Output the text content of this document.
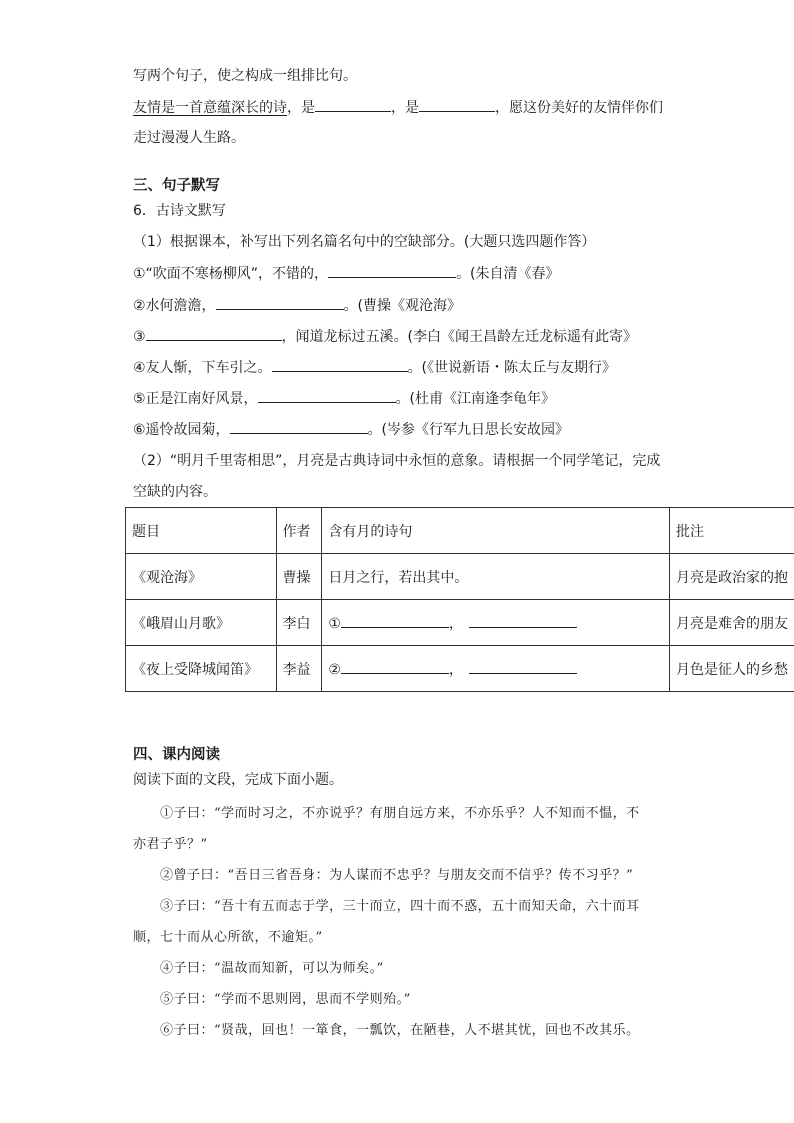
写两个句子，使之构成一组排比句。
友情是一首意蕴深长的诗，是	，是	，愿这份美好的友情伴你们
走过漫漫人生路。
三、句子默写
6．古诗文默写
（1）根据课本，补写出下列名篇名句中的空缺部分。(大题只选四题作答）
①“吹面不寒杨柳风”，不错的，	。(朱自清《春》
②水何澹澹，	。(曹操《观沧海》
③	，闻道龙标过五溪。(李白《闻王昌龄左迁龙标遥有此寄》
④友人惭，下车引之。	。(《世说新语・陈太丘与友期行》
⑤正是江南好风景，	。(杜甫《江南逢李龟年》
⑥遥怜故园菊，	。(岑参《行军九日思长安故园》
（2）“明月千里寄相思”，月亮是古典诗词中永恒的意象。请根据一个同学笔记，完成
空缺的内容。
题目	作者	含有月的诗句	批注
《观沧海》	曹操	日月之行，若出其中。	月亮是政治家的抱
《峨眉山月歌》	李白	① ，	月亮是难舍的朋友
《夜上受降城闻笛》	李益	② ，	月色是征人的乡愁
四、课内阅读
阅读下面的文段，完成下面小题。
①子曰：“学而时习之，不亦说乎？有朋自远方来，不亦乐乎？人不知而不愠，不
亦君子乎？”
②曾子曰：“吾日三省吾身：为人谋而不忠乎？与朋友交而不信乎？传不习乎？”
③子曰：“吾十有五而志于学，三十而立，四十而不惑，五十而知天命，六十而耳
顺，七十而从心所欲，不逾矩。”
④子曰：“温故而知新，可以为师矣。”
⑤子曰：“学而不思则罔，思而不学则殆。”
⑥子曰：“贤哉，回也！一箪食，一瓢饮，在陋巷，人不堪其忧，回也不改其乐。
